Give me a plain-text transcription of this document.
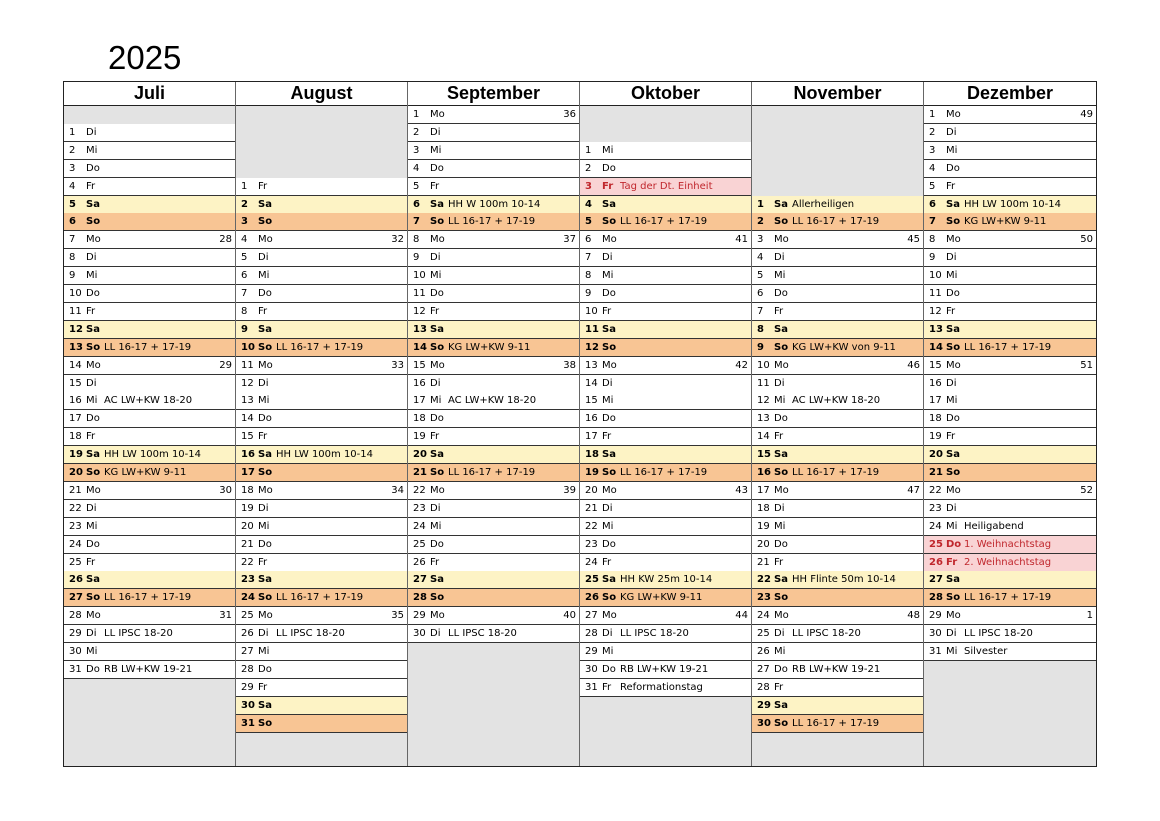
2025
Juli
1 Di
2 Mi
3 Do
4 Fr
5 Sa
6 So
7 Mo	28
8 Di
9 Mi
10 Do
11 Fr
12 Sa
13 So LL 16-17 + 17-19
14 Mo	29
15 Di
16 Mi AC LW+KW 18-20
17 Do
18 Fr
19 Sa HH LW 100m 10-14
20 So KG LW+KW 9-11
21 Mo	30
22 Di
23 Mi
24 Do
25 Fr
26 Sa
27 So LL 16-17 + 17-19
28 Mo	31
29 Di LL IPSC 18-20
30 Mi
31 Do RB LW+KW 19-21
August
1 Fr
2 Sa
3 So
4 Mo	32
5 Di
6 Mi
7 Do
8 Fr
9 Sa
10 So LL 16-17 + 17-19
11 Mo	33
12 Di
13 Mi
14 Do
15 Fr
16 Sa HH LW 100m 10-14
17 So
18 Mo	34
19 Di
20 Mi
21 Do
22 Fr
23 Sa
24 So LL 16-17 + 17-19
25 Mo	35
26 Di LL IPSC 18-20
27 Mi
28 Do
29 Fr
30 Sa
31 So
September
1 Mo	36
2 Di
3 Mi
4 Do
5 Fr
6 Sa HH W 100m 10-14
7 So LL 16-17 + 17-19
8 Mo	37
9 Di
10 Mi
11 Do
12 Fr
13 Sa
14 So KG LW+KW 9-11
15 Mo	38
16 Di
17 Mi AC LW+KW 18-20
18 Do
19 Fr
20 Sa
21 So LL 16-17 + 17-19
22 Mo	39
23 Di
24 Mi
25 Do
26 Fr
27 Sa
28 So
29 Mo	40
30 Di LL IPSC 18-20
Oktober
1 Mi
2 Do
3 Fr Tag der Dt. Einheit
4 Sa
5 So LL 16-17 + 17-19
6 Mo	41
7 Di
8 Mi
9 Do
10 Fr
11 Sa
12 So
13 Mo	42
14 Di
15 Mi
16 Do
17 Fr
18 Sa
19 So LL 16-17 + 17-19
20 Mo	43
21 Di
22 Mi
23 Do
24 Fr
25 Sa HH KW 25m 10-14
26 So KG LW+KW 9-11
27 Mo	44
28 Di LL IPSC 18-20
29 Mi
30 Do RB LW+KW 19-21
31 Fr Reformationstag
November
1 Sa Allerheiligen
2 So LL 16-17 + 17-19
3 Mo	45
4 Di
5 Mi
6 Do
7 Fr
8 Sa
9 So KG LW+KW von 9-11
10 Mo	46
11 Di
12 Mi AC LW+KW 18-20
13 Do
14 Fr
15 Sa
16 So LL 16-17 + 17-19
17 Mo	47
18 Di
19 Mi
20 Do
21 Fr
22 Sa HH Flinte 50m 10-14
23 So
24 Mo	48
25 Di LL IPSC 18-20
26 Mi
27 Do RB LW+KW 19-21
28 Fr
29 Sa
30 So LL 16-17 + 17-19
Dezember
1 Mo	49
2 Di
3 Mi
4 Do
5 Fr
6 Sa HH LW 100m 10-14
7 So KG LW+KW 9-11
8 Mo	50
9 Di
10 Mi
11 Do
12 Fr
13 Sa
14 So LL 16-17 + 17-19
15 Mo	51
16 Di
17 Mi
18 Do
19 Fr
20 Sa
21 So
22 Mo	52
23 Di
24 Mi Heiligabend
25 Do 1. Weihnachtstag
26 Fr 2. Weihnachtstag
27 Sa
28 So LL 16-17 + 17-19
29 Mo	1
30 Di LL IPSC 18-20
31 Mi Silvester
